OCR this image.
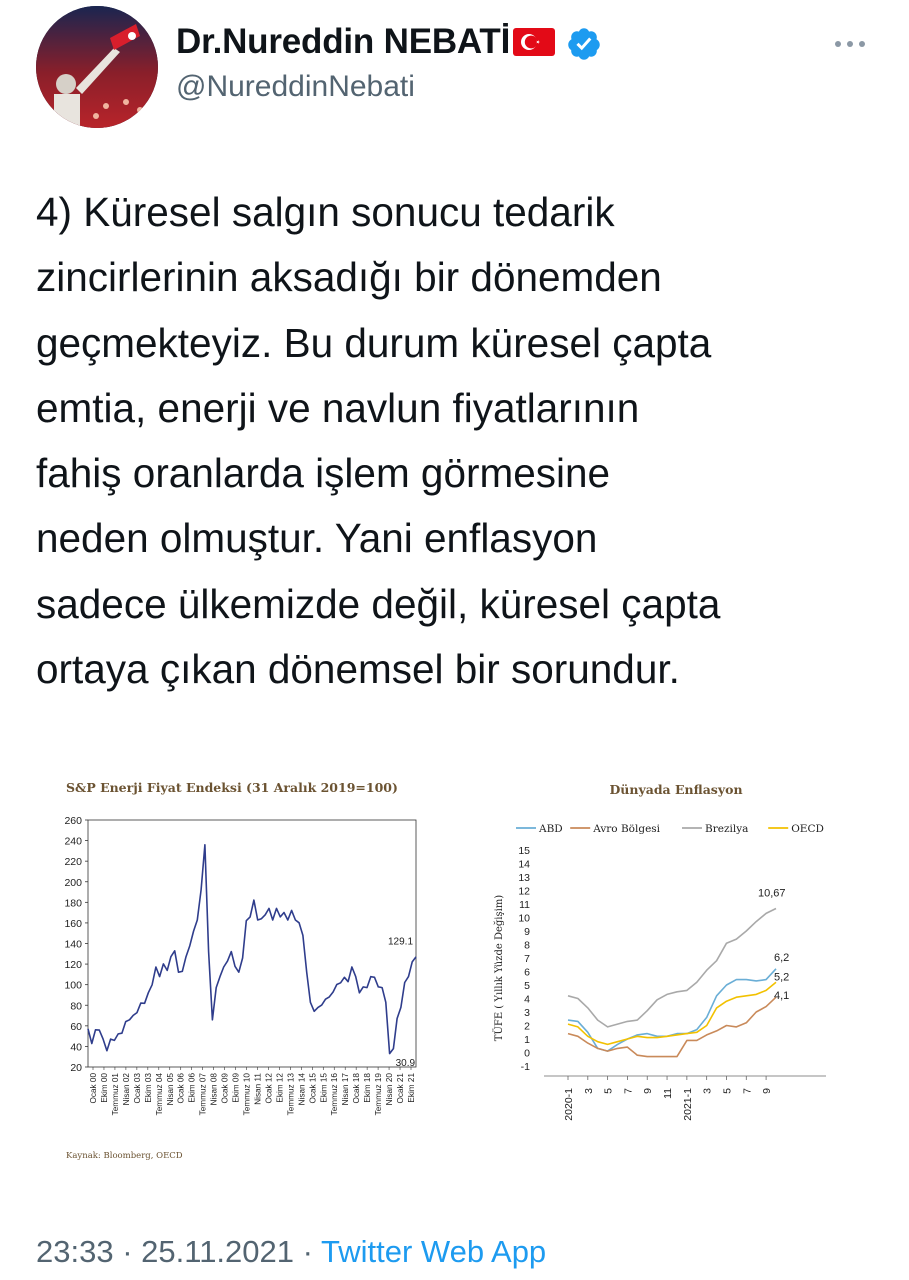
Dr.Nureddin NEBATİ
@NureddinNebati
4) Küresel salgın sonucu tedarik
zincirlerinin aksadığı bir dönemden
geçmekteyiz. Bu durum küresel çapta
emtia, enerji ve navlun fiyatlarının
fahiş oranlarda işlem görmesine
neden olmuştur. Yani enflasyon
sadece ülkemizde değil, küresel çapta
ortaya çıkan dönemsel bir sorundur.
S&P Enerji Fiyat Endeksi (31 Aralık 2019=100)
20
40
60
80
100
120
140
160
180
200
220
240
260
Ocak 00 Ekim 00 Temmuz 01 Nisan 02 Ocak 03 Ekim 03 Temmuz 04 Nisan 05 Ocak 06 Ekim 06 Temmuz 07 Nisan 08 Ocak 09 Ekim 09 Temmuz 10 Nisan 11 Ocak 12 Ekim 12 Temmuz 13 Nisan 14 Ocak 15 Ekim 15 Temmuz 16 Nisan 17 Ocak 18 Ekim 18 Temmuz 19 Nisan 20 Ocak 21 Ekim 21
129.1
30.9
Kaynak: Bloomberg, OECD
Dünyada Enflasyon
ABD	Avro Bölgesi	Brezilya	OECD
-1
0
1
2
3
4
5
6
7
8
9
10
11
12
13
14
15
TÜFE ( Yıllık Yüzde Değişim)
2020-1 3 5 7 9 11 2021-1 3 5 7 9
6,2
4,1
10,67
5,2
23:33 · 25.11.2021 · Twitter Web App
